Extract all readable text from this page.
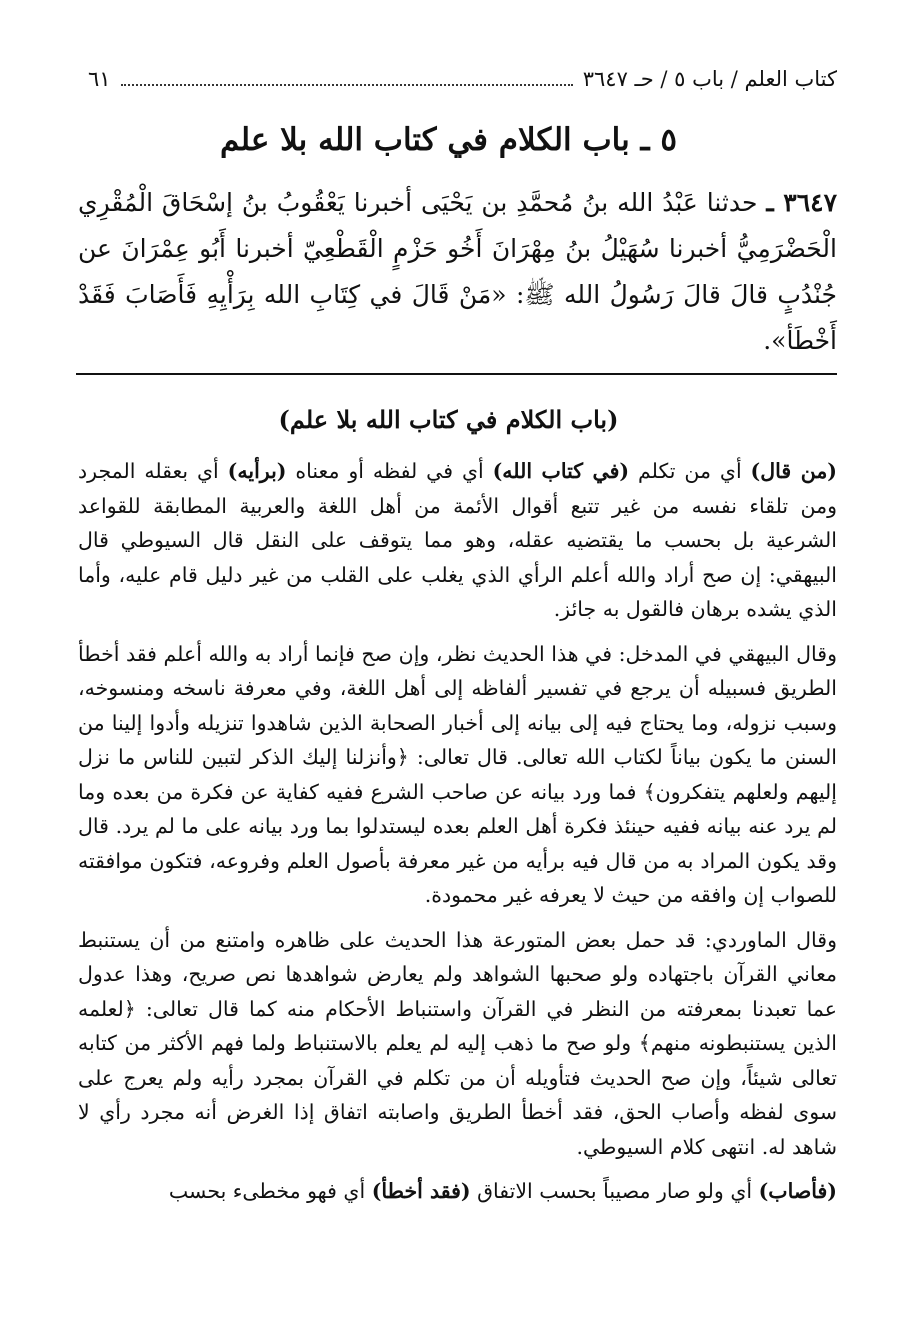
كتاب العلم / باب ٥ / حـ ٣٦٤٧
٦١
٥ ـ باب الكلام في كتاب الله بلا علم
٣٦٤٧ ـ حدثنا عَبْدُ الله بنُ مُحمَّدِ بن يَحْيَى أخبرنا يَعْقُوبُ بنُ إسْحَاقَ الْمُقْرِي الْحَضْرَمِيُّ أخبرنا سُهَيْلُ بنُ مِهْرَانَ أَخُو حَزْمٍ الْقَطْعِيّ أخبرنا أَبُو عِمْرَانَ عن جُنْدُبٍ قالَ قالَ رَسُولُ الله ﷺ: «مَنْ قَالَ في كِتَابِ الله بِرَأْيِهِ فَأَصَابَ فَقَدْ أَخْطَأ».
(باب الكلام في كتاب الله بلا علم)

(من قال) أي من تكلم (في كتاب الله) أي في لفظه أو معناه (برأيه) أي بعقله المجرد ومن تلقاء نفسه من غير تتبع أقوال الأئمة من أهل اللغة والعربية المطابقة للقواعد الشرعية بل بحسب ما يقتضيه عقله، وهو مما يتوقف على النقل قال السيوطي قال البيهقي: إن صح أراد والله أعلم الرأي الذي يغلب على القلب من غير دليل قام عليه، وأما الذي يشده برهان فالقول به جائز.

وقال البيهقي في المدخل: في هذا الحديث نظر، وإن صح فإنما أراد به والله أعلم فقد أخطأ الطريق فسبيله أن يرجع في تفسير ألفاظه إلى أهل اللغة، وفي معرفة ناسخه ومنسوخه، وسبب نزوله، وما يحتاج فيه إلى بيانه إلى أخبار الصحابة الذين شاهدوا تنزيله وأدوا إلينا من السنن ما يكون بياناً لكتاب الله تعالى. قال تعالى: ﴿وأنزلنا إليك الذكر لتبين للناس ما نزل إليهم ولعلهم يتفكرون﴾ فما ورد بيانه عن صاحب الشرع ففيه كفاية عن فكرة من بعده وما لم يرد عنه بيانه ففيه حينئذ فكرة أهل العلم بعده ليستدلوا بما ورد بيانه على ما لم يرد. قال وقد يكون المراد به من قال فيه برأيه من غير معرفة بأصول العلم وفروعه، فتكون موافقته للصواب إن وافقه من حيث لا يعرفه غير محمودة.

وقال الماوردي: قد حمل بعض المتورعة هذا الحديث على ظاهره وامتنع من أن يستنبط معاني القرآن باجتهاده ولو صحبها الشواهد ولم يعارض شواهدها نص صريح، وهذا عدول عما تعبدنا بمعرفته من النظر في القرآن واستنباط الأحكام منه كما قال تعالى: ﴿لعلمه الذين يستنبطونه منهم﴾ ولو صح ما ذهب إليه لم يعلم بالاستنباط ولما فهم الأكثر من كتابه تعالى شيئاً، وإن صح الحديث فتأويله أن من تكلم في القرآن بمجرد رأيه ولم يعرج على سوى لفظه وأصاب الحق، فقد أخطأ الطريق واصابته اتفاق إذا الغرض أنه مجرد رأي لا شاهد له. انتهى كلام السيوطي.

(فأصاب) أي ولو صار مصيباً بحسب الاتفاق (فقد أخطأ) أي فهو مخطىء بحسب
